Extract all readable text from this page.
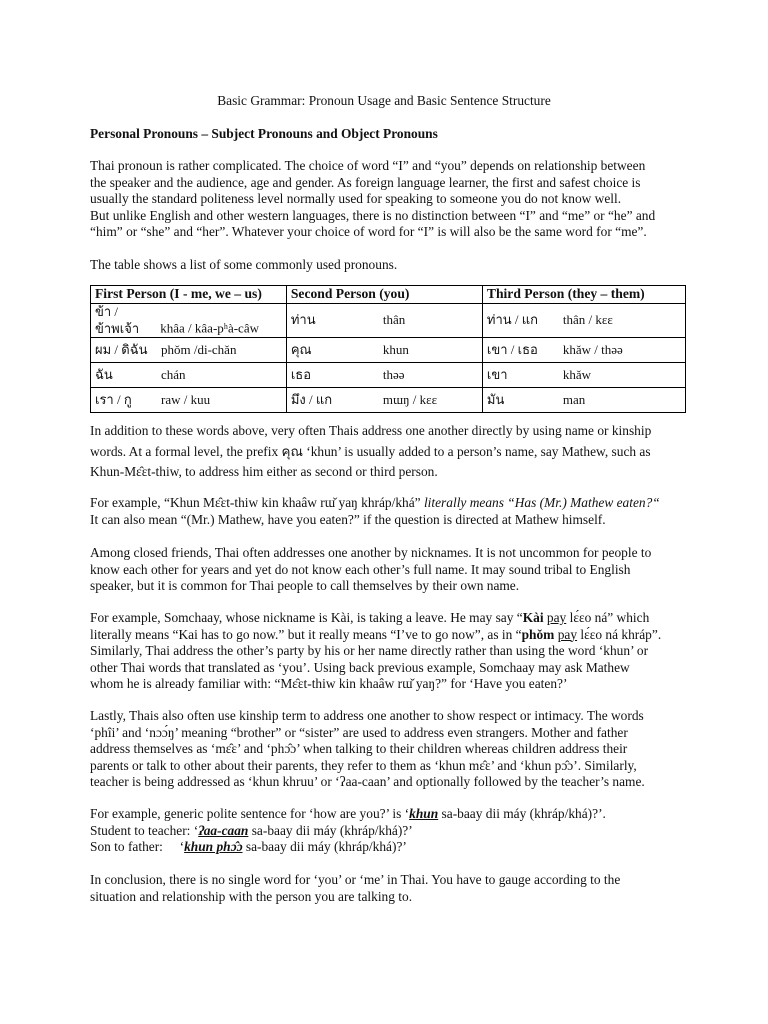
Basic Grammar: Pronoun Usage and Basic Sentence Structure
Personal Pronouns – Subject Pronouns and Object Pronouns

Thai pronoun is rather complicated. The choice of word “I” and “you” depends on relationship between

the speaker and the audience, age and gender. As foreign language learner, the first and safest choice is

usually the standard politeness level normally used for speaking to someone you do not know well.

But unlike English and other western languages, there is no distinction between “I” and “me” or “he” and

“him” or “she” and “her”. Whatever your choice of word for “I” is will also be the same word for “me”.

The table shows a list of some commonly used pronouns.
First Person (I - me, we – us)	Second Person (you)	Third Person (they – them)
ข้า / ข้าพเจ้า khâa / kâa-pʰà-câw	ท่าน thân	ท่าน / แก thân / kɛɛ
ผม / ดิฉัน phǒm /di-chǎn	คุณ khun	เขา / เธอ khǎw / thəə
ฉัน chán	เธอ thəə	เขา khǎw
เรา / กู raw / kuu	มึง / แก mɯŋ / kɛɛ	มัน man

In addition to these words above, very often Thais address one another directly by using name or kinship

words. At a formal level, the prefix คุณ ‘khun’ is usually added to a person’s name, say Mathew, such as

Khun-Mɛ̂ɛt-thiw, to address him either as second or third person.

For example, “Khun Mɛ̂ɛt-thiw kin khaâw rɯ̌ yaŋ khráp/khá” literally means “Has (Mr.) Mathew eaten?“

It can also mean “(Mr.) Mathew, have you eaten?” if the question is directed at Mathew himself.

Among closed friends, Thai often addresses one another by nicknames. It is not uncommon for people to

know each other for years and yet do not know each other’s full name. It may sound tribal to English

speaker, but it is common for Thai people to call themselves by their own name.

For example, Somchaay, whose nickname is Kài, is taking a leave. He may say “Kài pay lɛ́ɛo ná” which

literally means “Kai has to go now.” but it really means “I’ve to go now”, as in “phǒm pay lɛ́ɛo ná khráp”.

Similarly, Thai address the other’s party by his or her name directly rather than using the word ‘khun’ or

other Thai words that translated as ‘you’. Using back previous example, Somchaay may ask Mathew

whom he is already familiar with: “Mɛ̂ɛt-thiw kin khaâw rɯ̌ yaŋ?” for ‘Have you eaten?’

Lastly, Thais also often use kinship term to address one another to show respect or intimacy. The words

‘phîi’ and ‘nɔɔ́ŋ’ meaning “brother” or “sister” are used to address even strangers. Mother and father

address themselves as ‘mɛ̂ɛ’ and ‘phɔ̂ɔ’ when talking to their children whereas children address their

parents or talk to other about their parents, they refer to them as ‘khun mɛ̂ɛ’ and ‘khun pɔ̂ɔ’. Similarly,

teacher is being addressed as ‘khun khruu’ or ‘ʔaa-caan’ and optionally followed by the teacher’s name.

For example, generic polite sentence for ‘how are you?’ is ‘khun sa-baay dii máy (khráp/khá)?’.

Student to teacher: ‘ʔaa-caan sa-baay dii máy (khráp/khá)?’

Son to father:     ‘khun phɔ̂ɔ sa-baay dii máy (khráp/khá)?’

In conclusion, there is no single word for ‘you’ or ‘me’ in Thai. You have to gauge according to the

situation and relationship with the person you are talking to.
